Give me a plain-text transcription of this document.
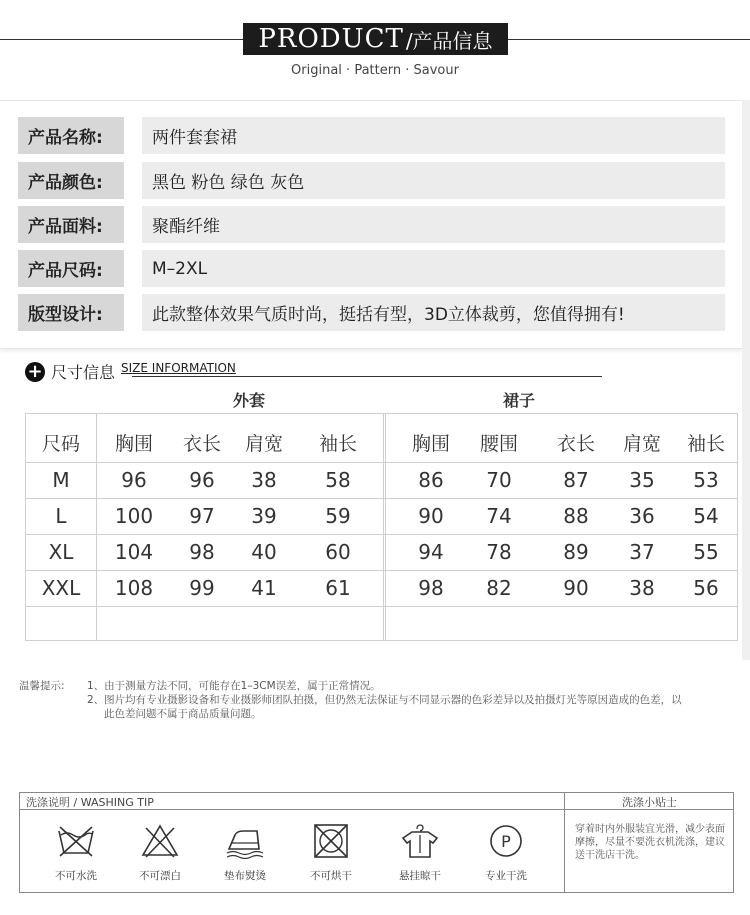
PRODUCT /产品信息
Original · Pattern · Savour
产品名称:	两件套套裙
产品颜色:	黑色 粉色 绿色 灰色
产品面料:	聚酯纤维
产品尺码:	M–2XL
版型设计:	此款整体效果气质时尚，挺括有型，3D立体裁剪，您值得拥有!
+ 尺寸信息 SIZE INFORMATION
外套	裙子
尺码	胸围	衣长	肩宽	袖长	胸围	腰围	衣长	肩宽	袖长
M	96	96	38	58	86	70	87	35	53
L	100	97	39	59	90	74	88	36	54
XL	104	98	40	60	94	78	89	37	55
XXL	108	99	41	61	98	82	90	38	56
温馨提示: 1、由于测量方法不同，可能存在1–3CM误差，属于正常情况。
2、图片均有专业摄影设备和专业摄影师团队拍摄，但仍然无法保证与不同显示器的色彩差异以及拍摄灯光等原因造成的色差，以
此色差问题不属于商品质量问题。
洗涤说明 / WASHING TIP	洗涤小贴士
穿着时内外服装宜光滑，减少表面摩擦，尽量不要洗衣机洗涤，建议送干洗店干洗。
不可水洗	不可漂白	垫布熨烫	不可烘干	悬挂晾干
P
专业干洗
